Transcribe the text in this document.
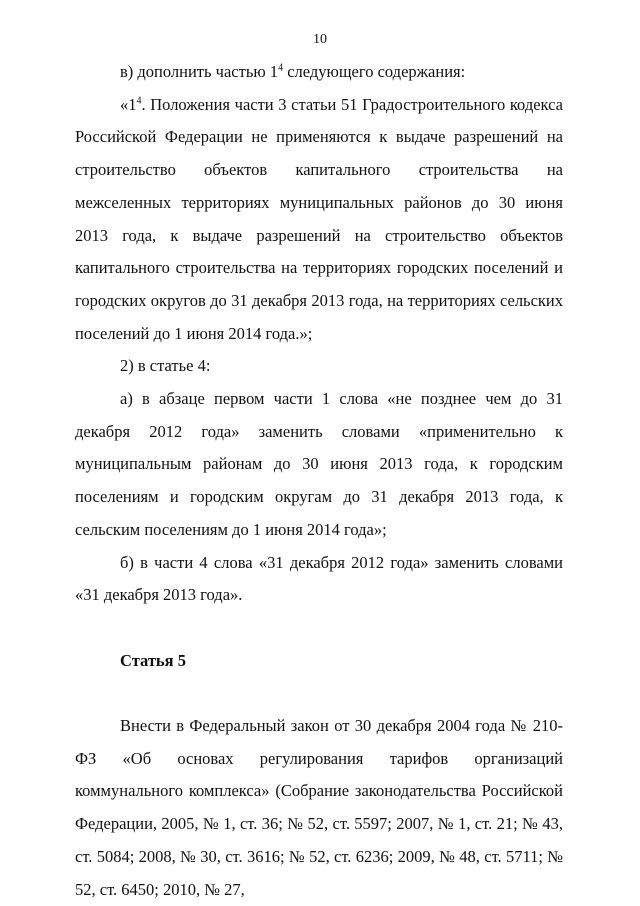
10

в) дополнить частью $1^4$ следующего содержания:

«$1^4$. Положения части 3 статьи 51 Градостроительного кодекса Российской Федерации не применяются к выдаче разрешений на строительство объектов капитального строительства на межселенных территориях муниципальных районов до 30 июня 2013 года, к выдаче разрешений на строительство объектов капитального строительства на территориях городских поселений и городских округов до 31 декабря 2013 года, на территориях сельских поселений до 1 июня 2014 года.»;

2) в статье 4:

а) в абзаце первом части 1 слова «не позднее чем до 31 декабря 2012 года» заменить словами «применительно к муниципальным районам до 30 июня 2013 года, к городским поселениям и городским округам до 31 декабря 2013 года, к сельским поселениям до 1 июня 2014 года»;

б) в части 4 слова «31 декабря 2012 года» заменить словами «31 декабря 2013 года».

Статья 5

Внести в Федеральный закон от 30 декабря 2004 года № 210-ФЗ «Об основах регулирования тарифов организаций коммунального комплекса» (Собрание законодательства Российской Федерации, 2005, № 1, ст. 36; № 52, ст. 5597; 2007, № 1, ст. 21; № 43, ст. 5084; 2008, № 30, ст. 3616; № 52, ст. 6236; 2009, № 48, ст. 5711; № 52, ст. 6450; 2010, № 27,
